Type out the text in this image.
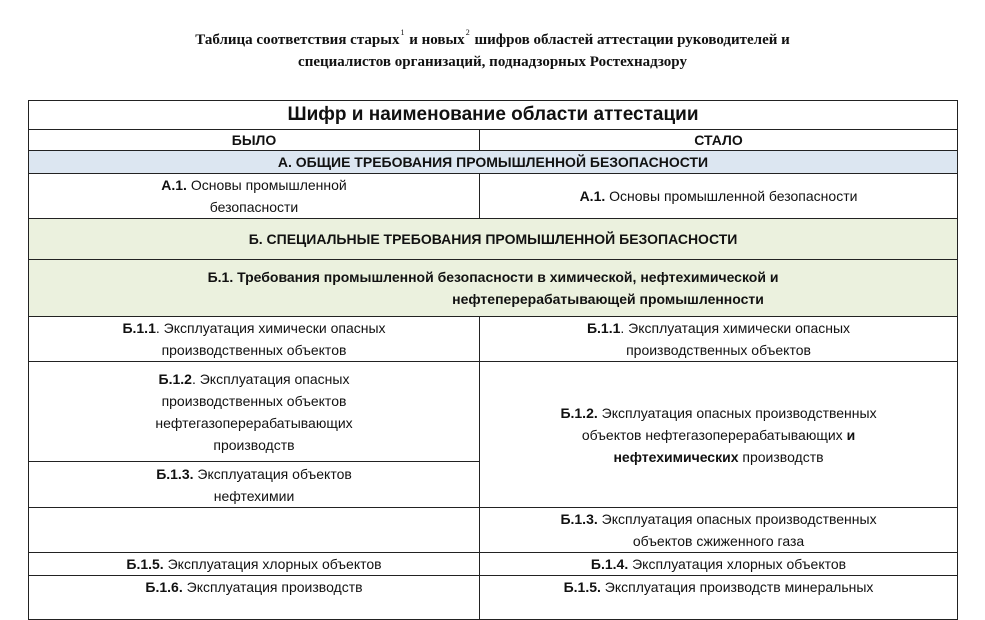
Таблица соответствия старых$^1$ и новых$^2$ шифров областей аттестации руководителей и
специалистов организаций, поднадзорных Ростехнадзору
Шифр и наименование области аттестации	
БЫЛО	СТАЛО
А. ОБЩИЕ ТРЕБОВАНИЯ ПРОМЫШЛЕННОЙ БЕЗОПАСНОСТИ	
А.1. Основы промышленной
безопасности	А.1. Основы промышленной безопасности
Б. СПЕЦИАЛЬНЫЕ ТРЕБОВАНИЯ ПРОМЫШЛЕННОЙ БЕЗОПАСНОСТИ	

Б.1. Требования промышленной безопасности в химической, нефтехимической и
нефтеперерабатывающей промышленности	

Б.1.1. Эксплуатация химически опасных
производственных объектов	Б.1.1. Эксплуатация химически опасных
производственных объектов

Б.1.2. Эксплуатация опасных
производственных объектов
нефтегазоперерабатывающих
производств	Б.1.2. Эксплуатация опасных производственных
объектов нефтегазоперерабатывающих и
нефтехимических производств

Б.1.3. Эксплуатация объектов
нефтехимии	

	Б.1.3. Эксплуатация опасных производственных
объектов сжиженного газа

Б.1.5. Эксплуатация хлорных объектов	Б.1.4. Эксплуатация хлорных объектов
Б.1.6. Эксплуатация производств	Б.1.5. Эксплуатация производств минеральных
